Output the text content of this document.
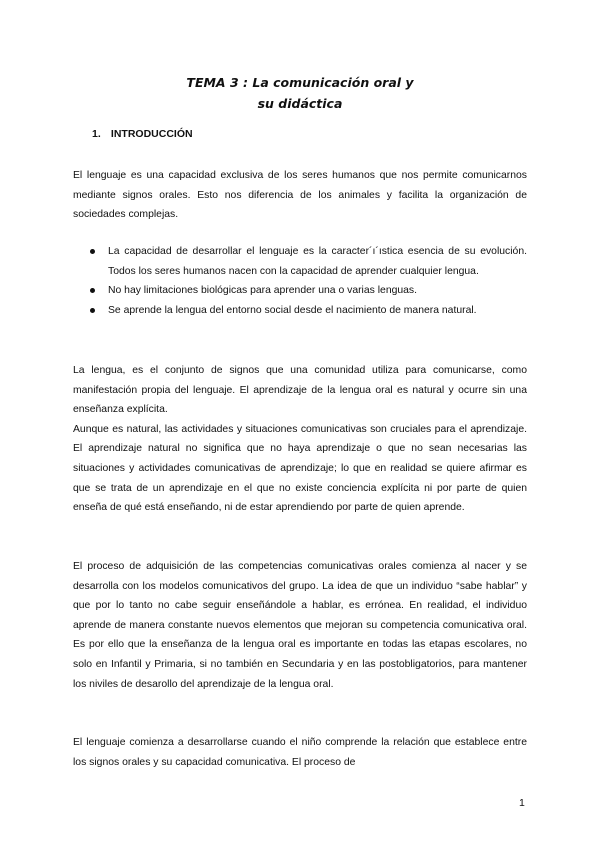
TEMA 3 : La comunicación oral y
su didáctica
1. INTRODUCCIÓN

El lenguaje es una capacidad exclusiva de los seres humanos que nos permite comunicarnos mediante signos orales. Esto nos diferencia de los animales y facilita la organización de sociedades complejas.

La capacidad de desarrollar el lenguaje es la caracter´ı´ıstica esencia de su evolución. Todos los seres humanos nacen con la capacidad de aprender cualquier lengua.
No hay limitaciones biológicas para aprender una o varias lenguas.
Se aprende la lengua del entorno social desde el nacimiento de manera natural.

La lengua, es el conjunto de signos que una comunidad utiliza para comunicarse, como manifestación propia del lenguaje. El aprendizaje de la lengua oral es natural y ocurre sin una enseñanza explícita.

Aunque es natural, las actividades y situaciones comunicativas son cruciales para el aprendizaje. El aprendizaje natural no significa que no haya aprendizaje o que no sean necesarias las situaciones y actividades comunicativas de aprendizaje; lo que en realidad se quiere afirmar es que se trata de un aprendizaje en el que no existe conciencia explícita ni por parte de quien enseña de qué está enseñando, ni de estar aprendiendo por parte de quien aprende.

El proceso de adquisición de las competencias comunicativas orales comienza al nacer y se desarrolla con los modelos comunicativos del grupo. La idea de que un individuo “sabe hablar” y que por lo tanto no cabe seguir enseñándole a hablar, es errónea. En realidad, el individuo aprende de manera constante nuevos elementos que mejoran su competencia comunicativa oral. Es por ello que la enseñanza de la lengua oral es importante en todas las etapas escolares, no solo en Infantil y Primaria, si no también en Secundaria y en las postobligatorios, para mantener los niviles de desarollo del aprendizaje de la lengua oral.

El lenguaje comienza a desarrollarse cuando el niño comprende la relación que establece entre los signos orales y su capacidad comunicativa. El proceso de

1
